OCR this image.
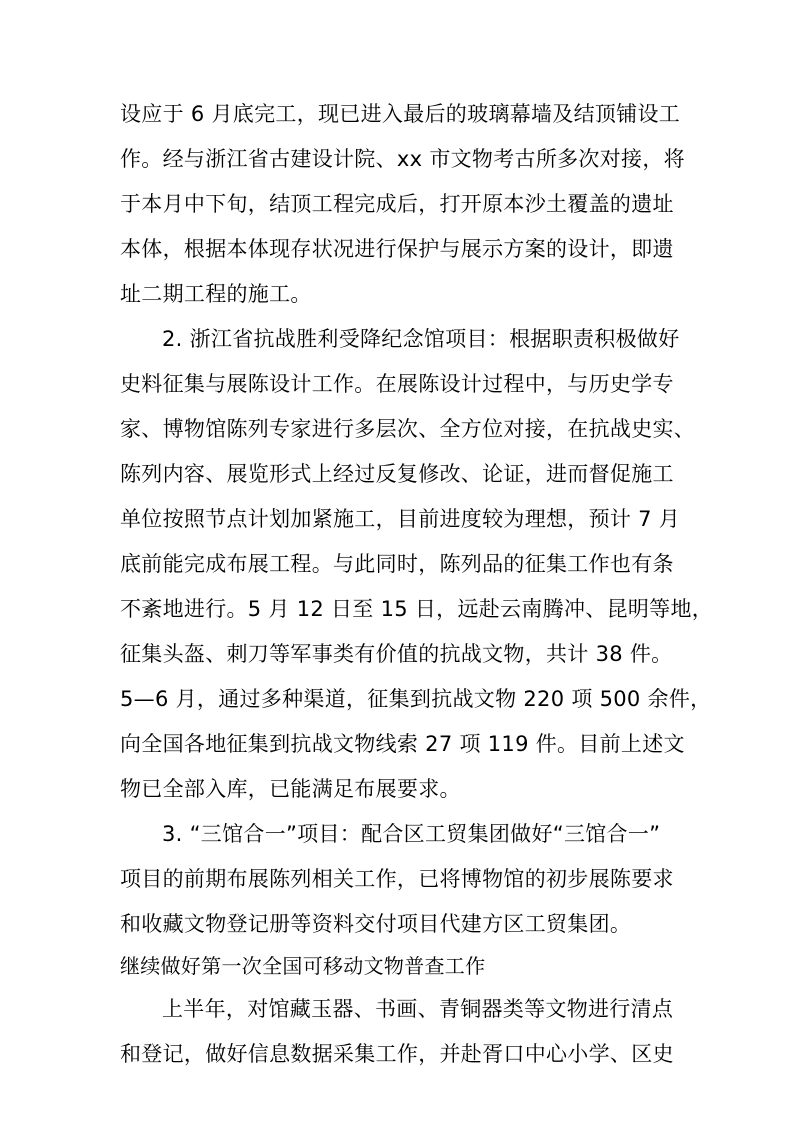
设应于 6 月底完工，现已进入最后的玻璃幕墙及结顶铺设工
作。经与浙江省古建设计院、xx 市文物考古所多次对接，将
于本月中下旬，结顶工程完成后，打开原本沙土覆盖的遗址
本体，根据本体现存状况进行保护与展示方案的设计，即遗
址二期工程的施工。
2. 浙江省抗战胜利受降纪念馆项目：根据职责积极做好
史料征集与展陈设计工作。在展陈设计过程中，与历史学专
家、博物馆陈列专家进行多层次、全方位对接，在抗战史实、
陈列内容、展览形式上经过反复修改、论证，进而督促施工
单位按照节点计划加紧施工，目前进度较为理想，预计 7 月
底前能完成布展工程。与此同时，陈列品的征集工作也有条
不紊地进行。5 月 12 日至 15 日，远赴云南腾冲、昆明等地，
征集头盔、刺刀等军事类有价值的抗战文物，共计 38 件。
5—6 月，通过多种渠道，征集到抗战文物 220 项 500 余件，
向全国各地征集到抗战文物线索 27 项 119 件。目前上述文
物已全部入库，已能满足布展要求。
3. “三馆合一”项目：配合区工贸集团做好“三馆合一”
项目的前期布展陈列相关工作，已将博物馆的初步展陈要求
和收藏文物登记册等资料交付项目代建方区工贸集团。
继续做好第一次全国可移动文物普查工作
上半年，对馆藏玉器、书画、青铜器类等文物进行清点
和登记，做好信息数据采集工作，并赴胥口中心小学、区史
